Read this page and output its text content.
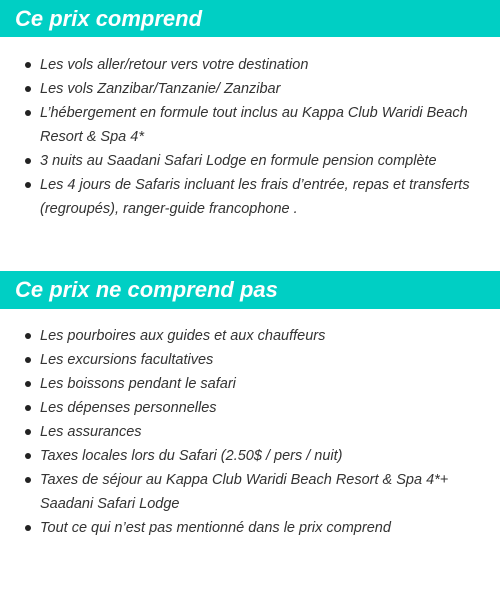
Ce prix comprend
Les vols aller/retour vers votre destination
Les vols Zanzibar/Tanzanie/ Zanzibar
L’hébergement en formule tout inclus au Kappa Club Waridi Beach Resort & Spa 4*
3 nuits au Saadani Safari Lodge en formule pension complète
Les 4 jours de Safaris incluant les frais d’entrée, repas et transferts (regroupés), ranger-guide francophone .
Ce prix ne comprend pas
Les pourboires aux guides et aux chauffeurs
Les excursions facultatives
Les boissons pendant le safari
Les dépenses personnelles
Les assurances
Taxes locales lors du Safari (2.50$ / pers / nuit)
Taxes de séjour au Kappa Club Waridi Beach Resort & Spa 4*+ Saadani Safari Lodge
Tout ce qui n’est pas mentionné dans le prix comprend
